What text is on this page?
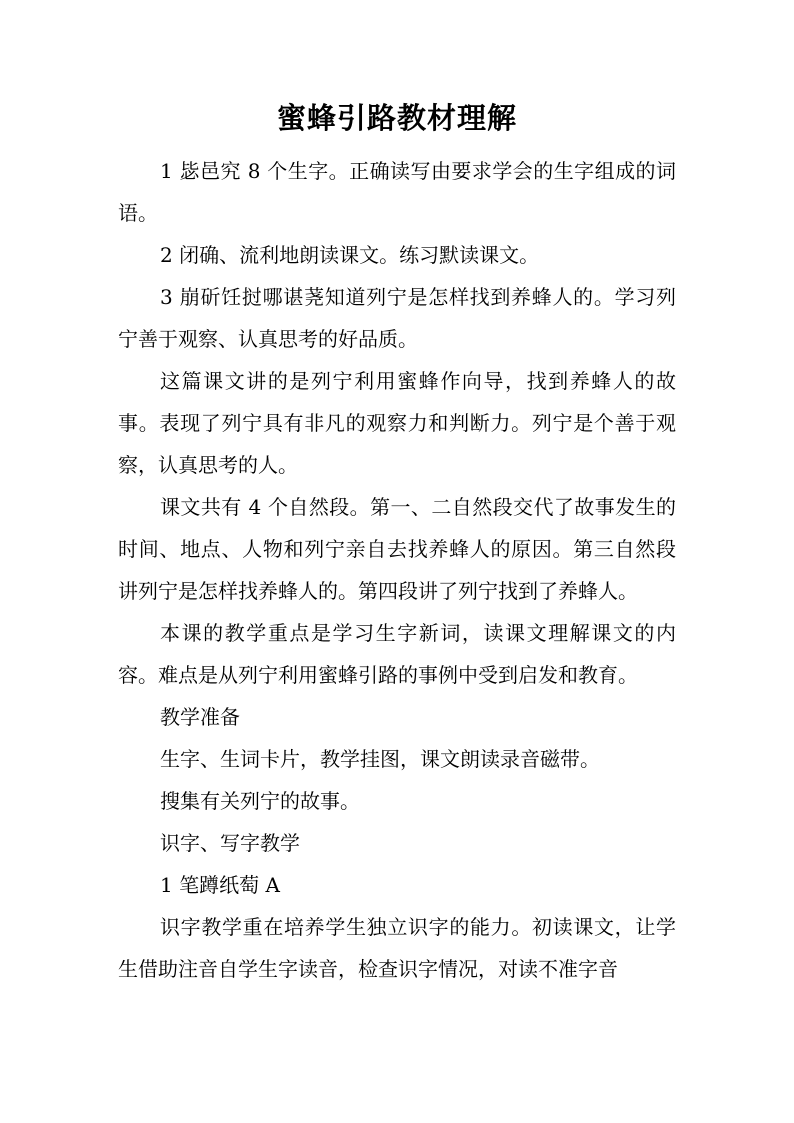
蜜蜂引路教材理解

1 毖邑究 8 个生字。正确读写由要求学会的生字组成的词语。

2 闭确、流利地朗读课文。练习默读课文。

3 崩斫饪挝哪谌荛知道列宁是怎样找到养蜂人的。学习列宁善于观察、认真思考的好品质。

这篇课文讲的是列宁利用蜜蜂作向导，找到养蜂人的故事。表现了列宁具有非凡的观察力和判断力。列宁是个善于观察，认真思考的人。

课文共有 4 个自然段。第一、二自然段交代了故事发生的时间、地点、人物和列宁亲自去找养蜂人的原因。第三自然段讲列宁是怎样找养蜂人的。第四段讲了列宁找到了养蜂人。

本课的教学重点是学习生字新词，读课文理解课文的内容。难点是从列宁利用蜜蜂引路的事例中受到启发和教育。

教学准备

生字、生词卡片，教学挂图，课文朗读录音磁带。

搜集有关列宁的故事。

识字、写字教学

1 笔蹲纸萄 A

识字教学重在培养学生独立识字的能力。初读课文，让学生借助注音自学生字读音，检查识字情况，对读不准字音
